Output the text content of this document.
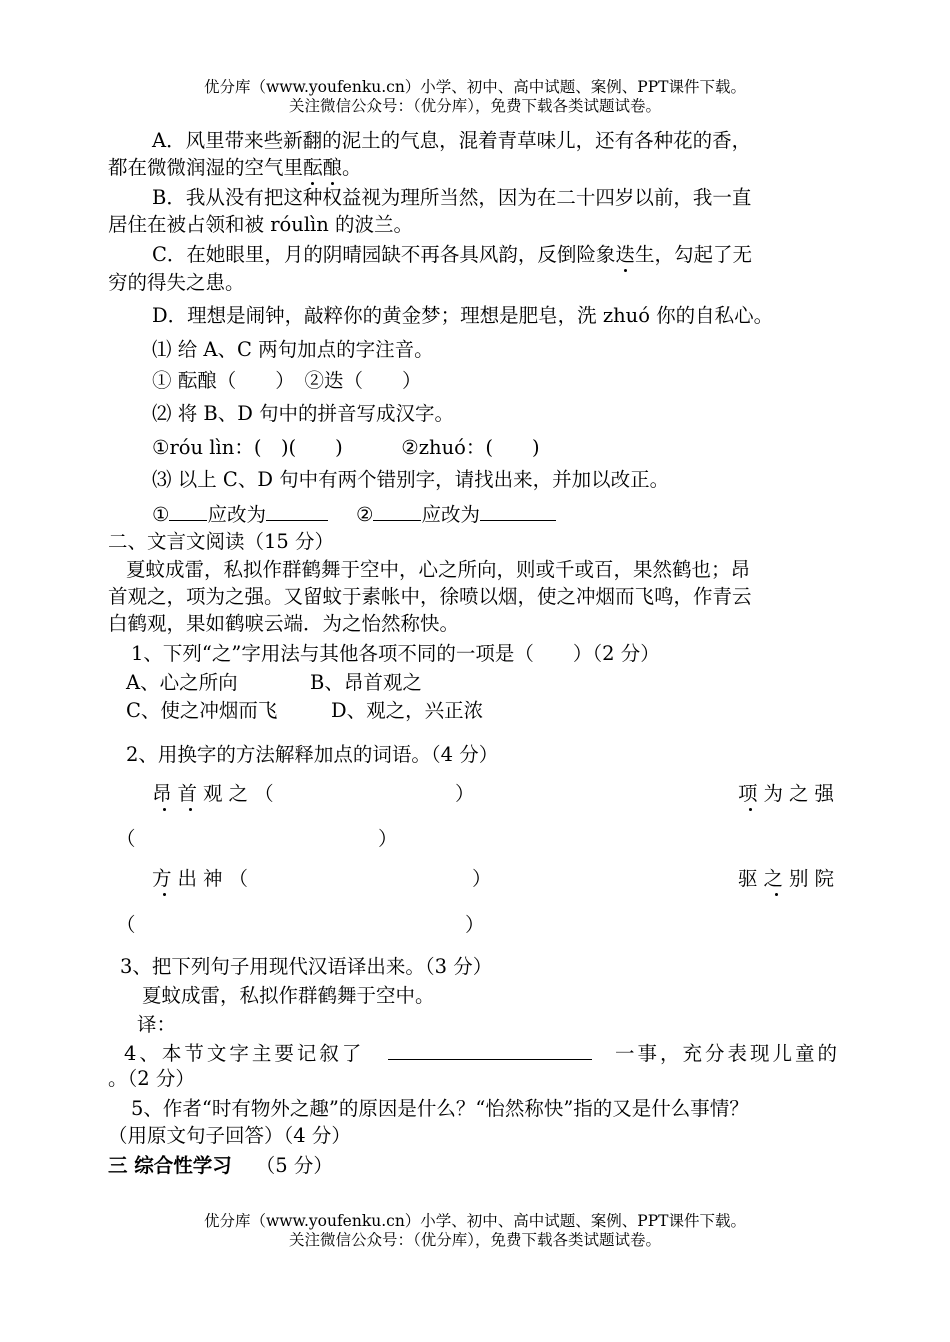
优分库（www.youfenku.cn）小学、初中、高中试题、案例、PPT课件下载。
关注微信公众号：（优分库），免费下载各类试题试卷。
A．风里带来些新翻的泥土的气息，混着青草味儿，还有各种花的香，
都在微微润湿的空气里酝酿。
B．我从没有把这种权益视为理所当然，因为在二十四岁以前，我一直
居住在被占领和被 róulìn 的波兰。
C．在她眼里，月的阴晴园缺不再各具风韵，反倒险象迭生，勾起了无
穷的得失之患。
D．理想是闹钟，敲粹你的黄金梦；理想是肥皂，洗 zhuó 你的自私心。
⑴ 给 A、C 两句加点的字注音。
① 酝酿（　　）　②迭（　　）
⑵ 将 B、D 句中的拼音写成汉字。
①róu lìn：(　)(　　)　　　②zhuó：(　　)
⑶ 以上 C、D 句中有两个错别字，请找出来，并加以改正。
① 应改为	② 应改为
二、文言文阅读（15 分）
夏蚊成雷，私拟作群鹤舞于空中，心之所向，则或千或百，果然鹤也；昂
首观之，项为之强。又留蚊于素帐中，徐喷以烟，使之冲烟而飞鸣，作青云
白鹤观，果如鹤唳云端．为之怡然称快。
1、下列“之”字用法与其他各项不同的一项是（　　）（2 分）
A、心之所向	B、昂首观之
C、使之冲烟而飞	D、观之，兴正浓
2、用换字的方法解释加点的词语。（4 分）
昂首观之（	）	项为之强
（	）
方出神（	）	驱之别院
（	）
3、把下列句子用现代汉语译出来。（3 分）
夏蚊成雷，私拟作群鹤舞于空中。
译：
4、本节文字主要记叙了	一事，充分表现儿童的
。（2 分）
5、作者“时有物外之趣”的原因是什么？“怡然称快”指的又是什么事情？
（用原文句子回答）（4 分）
三 综合性学习 （5 分）
优分库（www.youfenku.cn）小学、初中、高中试题、案例、PPT课件下载。
关注微信公众号：（优分库），免费下载各类试题试卷。
